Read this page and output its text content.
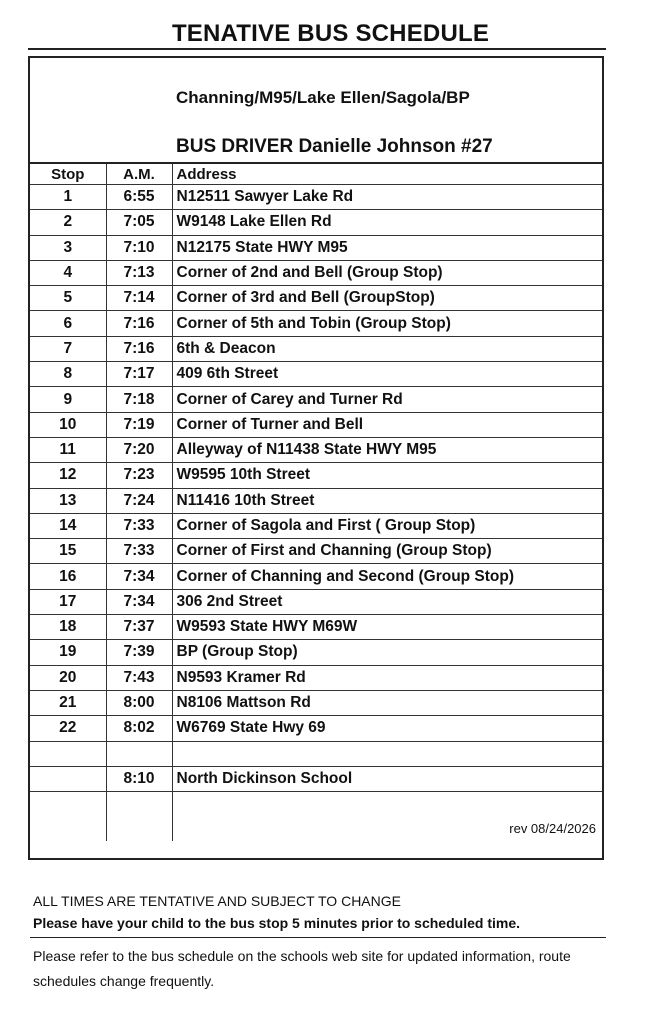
TENATIVE BUS SCHEDULE
Channing/M95/Lake Ellen/Sagola/BP
BUS DRIVER Danielle Johnson #27
Stop	A.M.	Address
1	6:55	N12511 Sawyer Lake Rd
2	7:05	W9148 Lake Ellen Rd
3	7:10	N12175 State HWY M95
4	7:13	Corner of 2nd and Bell (Group Stop)
5	7:14	Corner of 3rd and Bell (GroupStop)
6	7:16	Corner of 5th and Tobin (Group Stop)
7	7:16	6th & Deacon
8	7:17	409 6th Street
9	7:18	Corner of Carey and Turner Rd
10	7:19	Corner of Turner and Bell
11	7:20	Alleyway of N11438 State HWY M95
12	7:23	W9595 10th Street
13	7:24	N11416 10th Street
14	7:33	Corner of Sagola and First ( Group Stop)
15	7:33	Corner of First and Channing (Group Stop)
16	7:34	Corner of Channing and Second (Group Stop)
17	7:34	306 2nd Street
18	7:37	W9593 State HWY M69W
19	7:39	BP (Group Stop)
20	7:43	N9593 Kramer Rd
21	8:00	N8106 Mattson Rd
22	8:02	W6769 State Hwy 69

	8:10	North Dickinson School

		rev 08/24/2026
ALL TIMES ARE TENTATIVE AND SUBJECT TO CHANGE
Please have your child to the bus stop 5 minutes prior to scheduled time.
Please refer to the bus schedule on the schools web site for updated information, route schedules change frequently.
